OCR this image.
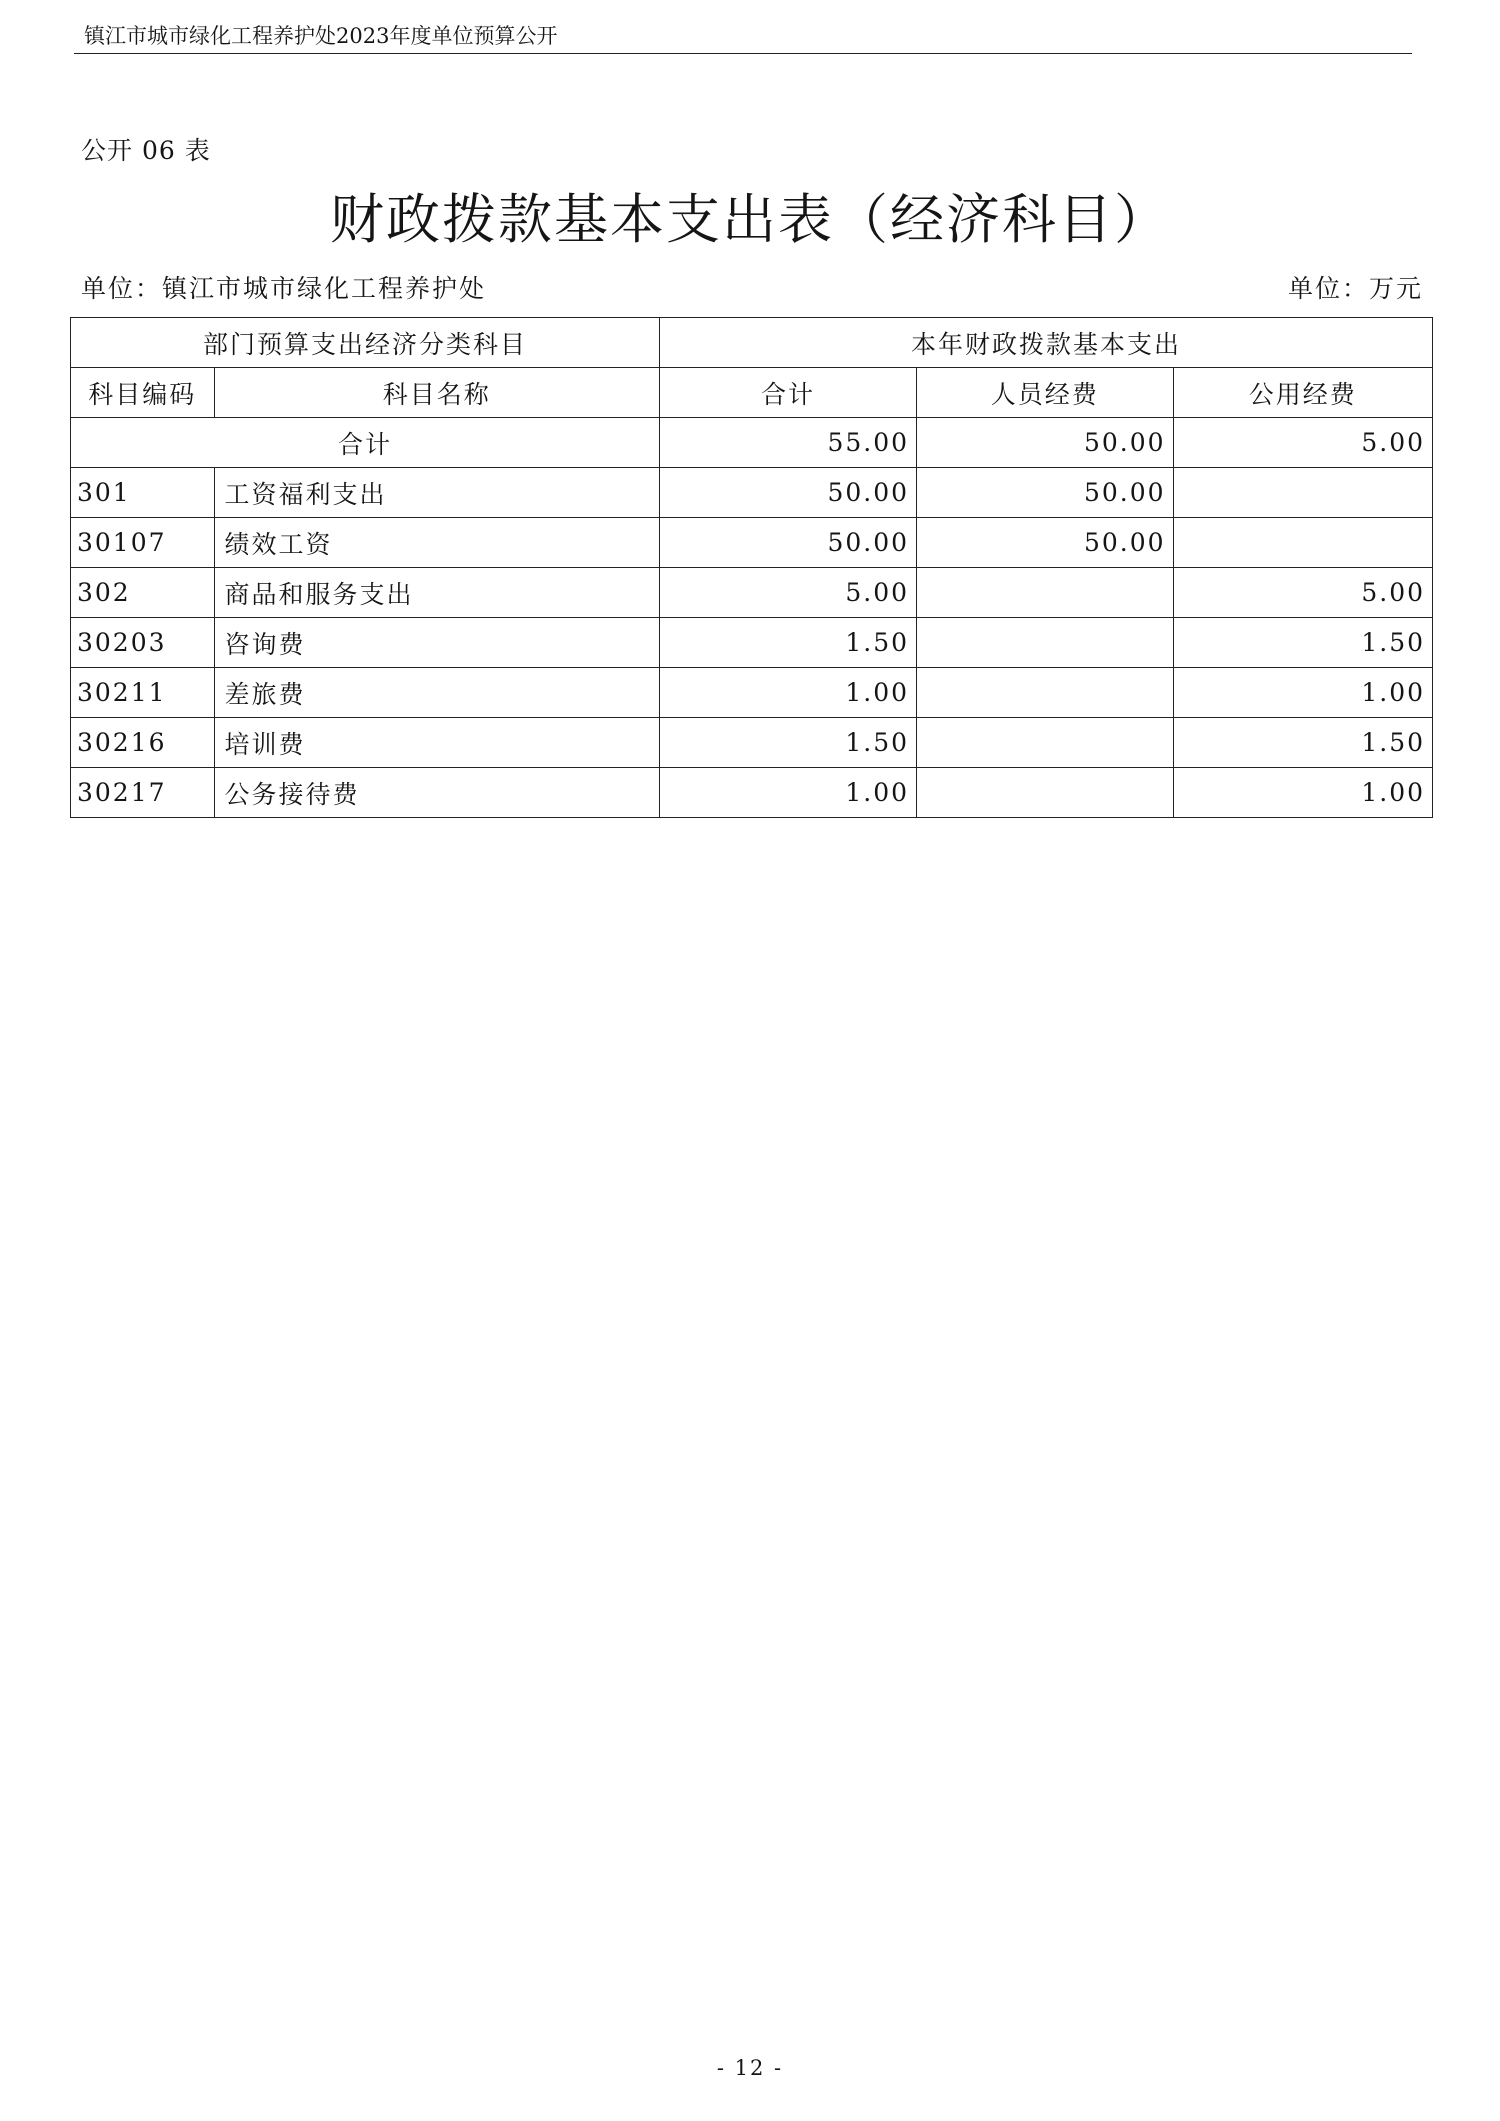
镇江市城市绿化工程养护处2023年度单位预算公开
公开 06 表
财政拨款基本支出表（经济科目）
单位：镇江市城市绿化工程养护处	单位：万元
部门预算支出经济分类科目		本年财政拨款基本支出		
科目编码	科目名称	合计	人员经费	公用经费
合计		55.00	50.00	5.00
301	工资福利支出	50.00	50.00	
30107	绩效工资	50.00	50.00	
302	商品和服务支出	5.00		5.00
30203	咨询费	1.50		1.50
30211	差旅费	1.00		1.00
30216	培训费	1.50		1.50
30217	公务接待费	1.00		1.00
- 12 -
